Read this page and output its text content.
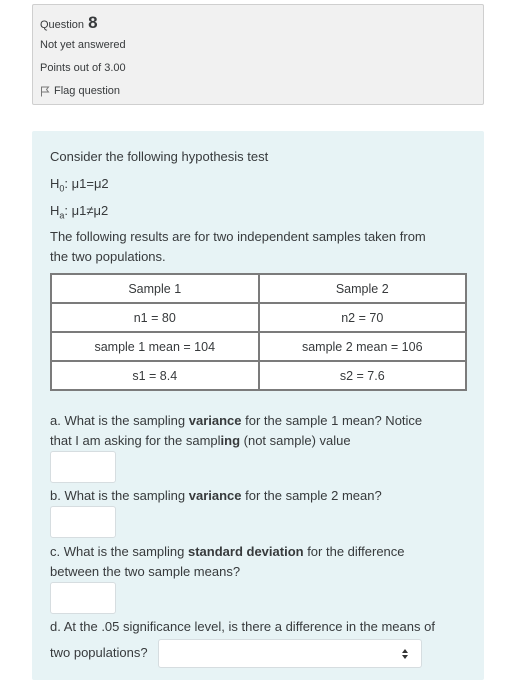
Question 8
Not yet answered
Points out of 3.00
Flag question
Consider the following hypothesis test
$H_0$: μ1=μ2
$H_a$: μ1≠μ2
The following results are for two independent samples taken from
the two populations.
Sample 1	Sample 2
n1 = 80	n2 = 70
sample 1 mean = 104	sample 2 mean = 106
s1 = 8.4	s2 = 7.6
a. What is the sampling variance for the sample 1 mean? Notice
that I am asking for the sampling (not sample) value
b. What is the sampling variance for the sample 2 mean?
c. What is the sampling standard deviation for the difference
between the two sample means?
d. At the .05 significance level, is there a difference in the means of
two populations?
